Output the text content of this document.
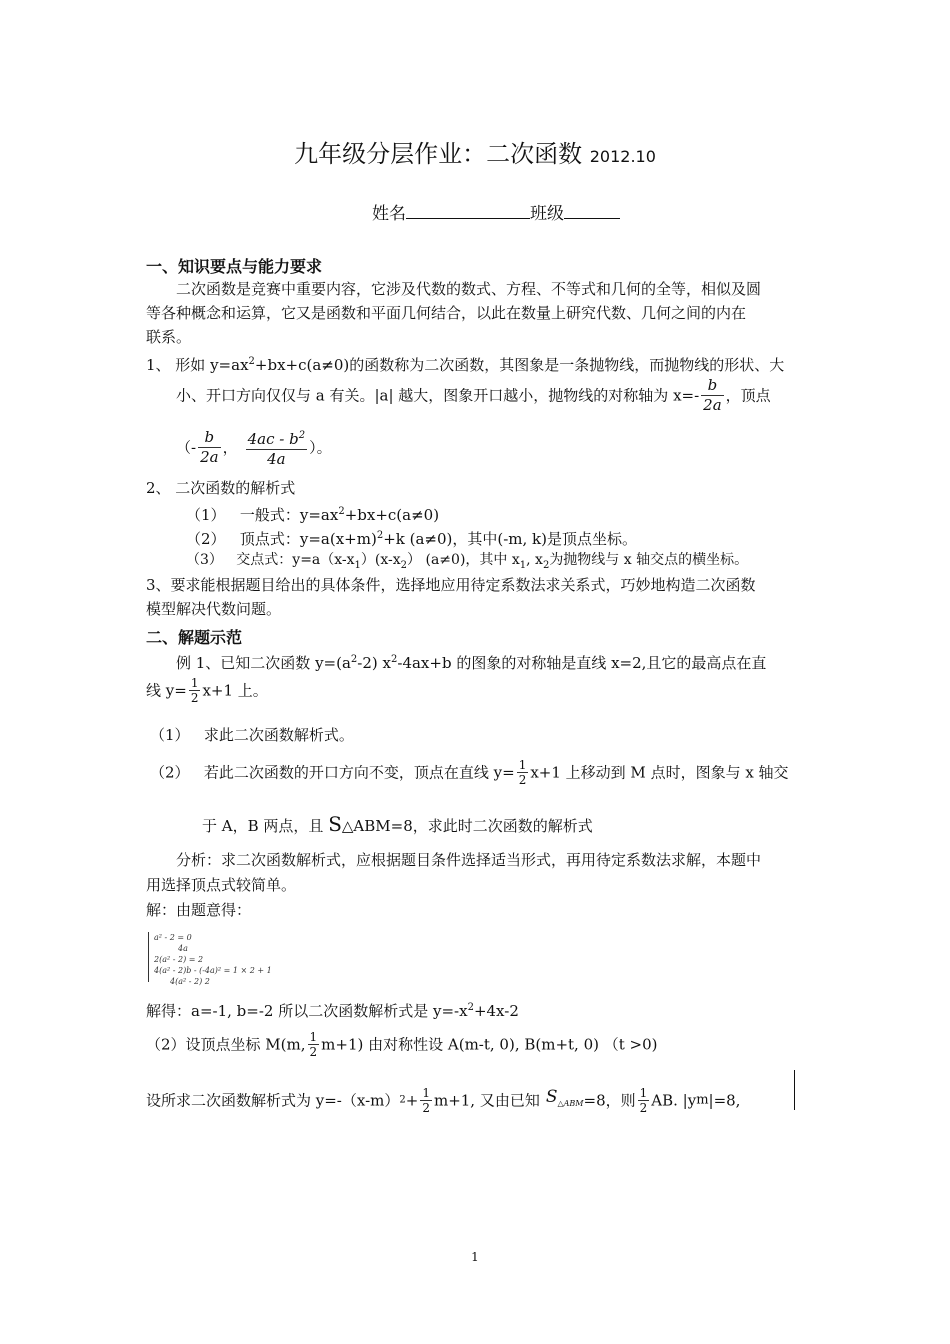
九年级分层作业：二次函数 2012.10
姓名	班级
一、知识要点与能力要求
二次函数是竞赛中重要内容，它涉及代数的数式、方程、不等式和几何的全等，相似及圆
等各种概念和运算，它又是函数和平面几何结合，以此在数量上研究代数、几何之间的内在
联系。
1、 形如 $y=ax^2+bx+c(a\ne 0)$的函数称为二次函数，其图象是一条抛物线，而抛物线的形状、大
小、开口方向仅仅与 a 有关。|a| 越大，图象开口越小，抛物线的对称轴为 $x=- \frac{b}{2a}$ ，顶点
（- $\frac{b}{2a}$ ， $\frac{4ac - b^2}{4a}$ ）。
2、 二次函数的解析式
（1） 一般式：$y=ax^2+bx+c(a\ne 0)$
（2） 顶点式：$y=a(x+m)^2+k$ (a≠0)，其中(-m, k)是顶点坐标。
（3） 交点式：$y=a(x-x_1)(x-x_2)$ (a≠0)，其中 $x_1$, $x_2$为抛物线与 x 轴交点的横坐标。
3、要求能根据题目给出的具体条件，选择地应用待定系数法求关系式，巧妙地构造二次函数
模型解决代数问题。
二、解题示范
例 1、已知二次函数 $y=(a^2-2)$ $x^2-4ax+b$ 的图象的对称轴是直线 x=2,且它的最高点在直
线 $y= \frac{1}{2} x+1$ 上。
（1） 求此二次函数解析式。
（2） 若此二次函数的开口方向不变，顶点在直线 $y= \frac{1}{2} x+1$ 上移动到 M 点时，图象与 x 轴交
于 A，B 两点，且 S△ABM=8，求此时二次函数的解析式
分析：求二次函数解析式，应根据题目条件选择适当形式，再用待定系数法求解，本题中
用选择顶点式较简单。
解：由题意得：
a² - 2 = 0
4a
2(a² - 2) = 2
4(a² - 2)b - (-4a)² = 1 × 2 + 1
4(a² - 2) 2
解得：a=-1, b=-2 所以二次函数解析式是 $y=-x^2+4x-2$
（2）设顶点坐标 M(m, $\frac{1}{2} m+1$) 由对称性设 A(m-t, 0), B(m+t, 0) （t >0)
设所求二次函数解析式为 $y=-(x-m)2+ \frac{1}{2} m+1$, 又由已知 $S_{\triangle ABM}=8$，则 $\frac{1}{2}$ AB. |ym|=8,
1
